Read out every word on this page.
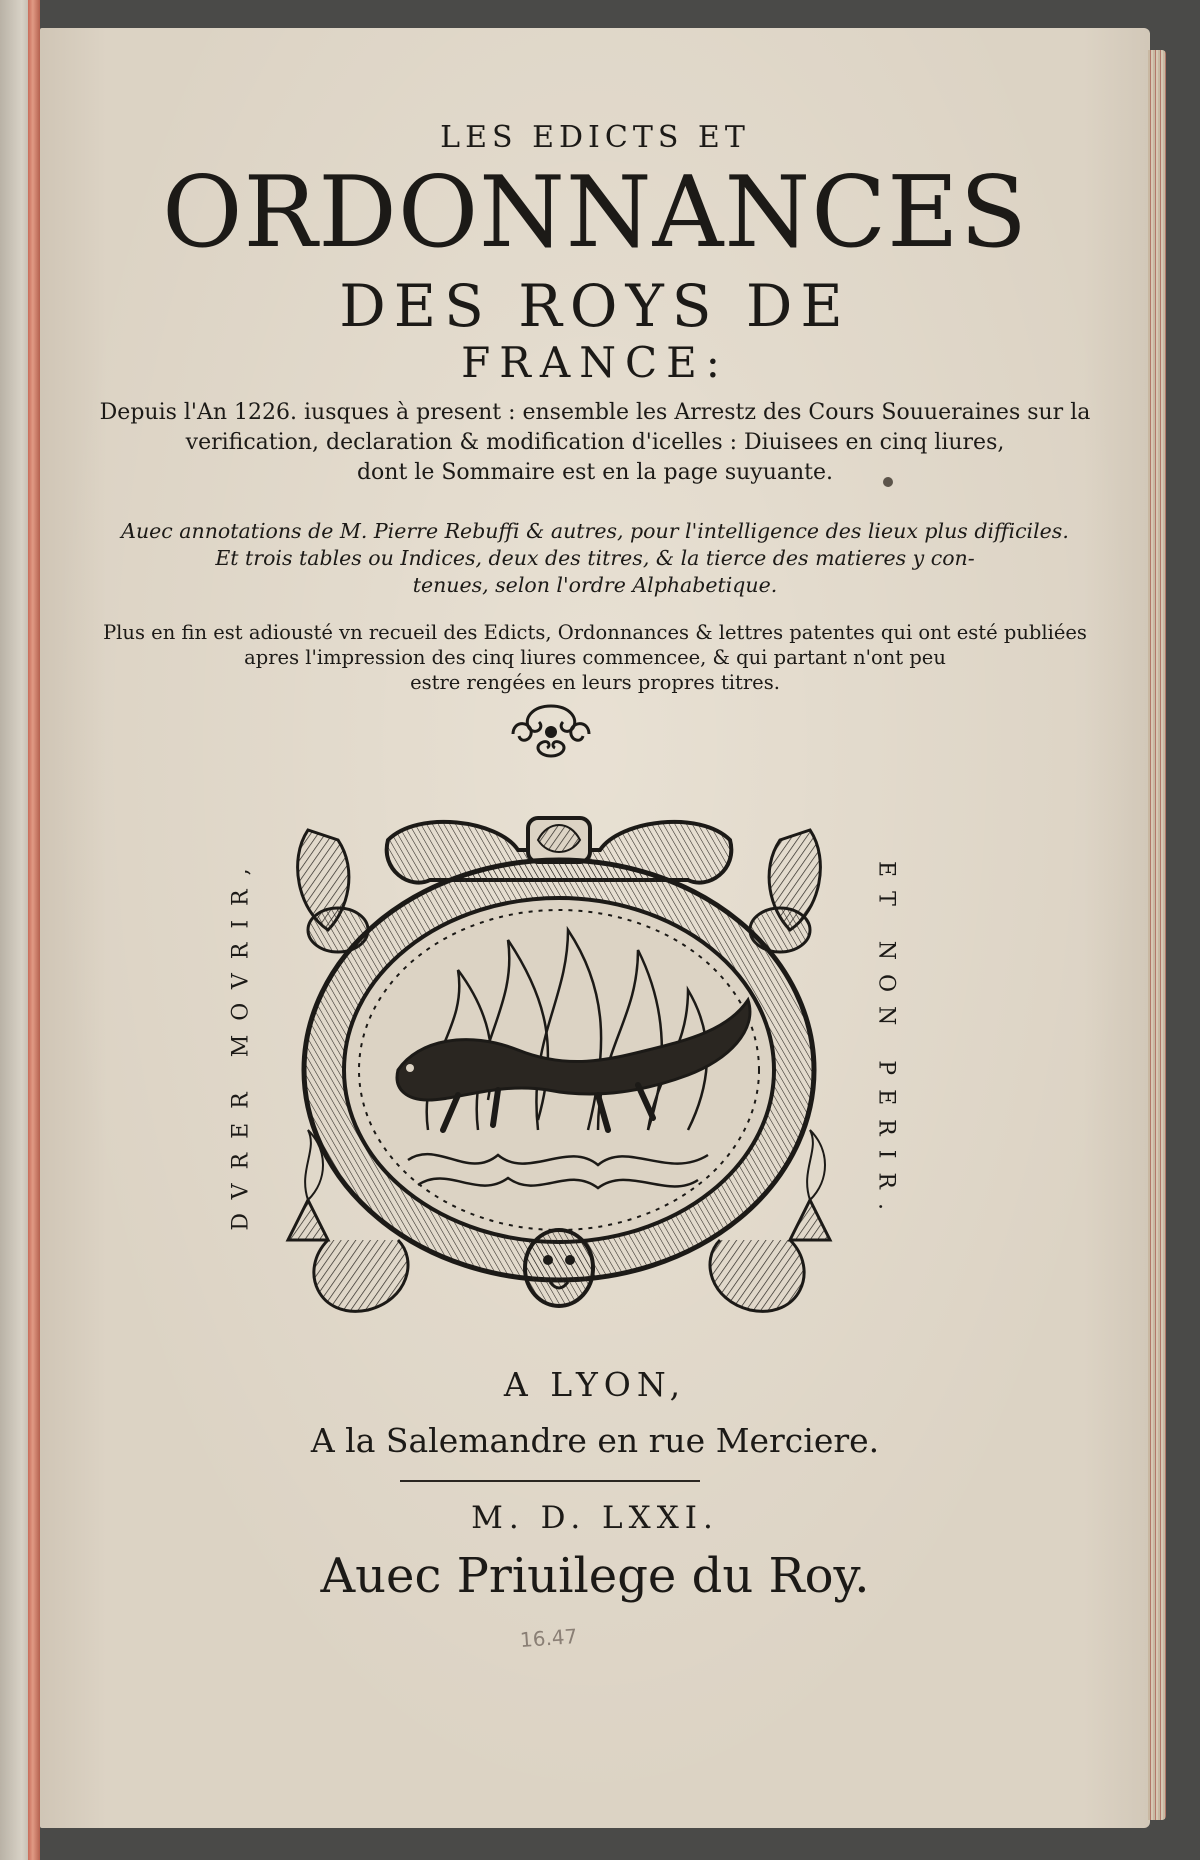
LES EDICTS ET
ORDONNANCES
DES ROYS DE
FRANCE:
Depuis l'An 1226. iusques à present : ensemble les Arrestz des Cours Souueraines sur la
verification, declaration & modification d'icelles : Diuisees en cinq liures,
dont le Sommaire est en la page suyuante.
Auec annotations de M. Pierre Rebuffi & autres, pour l'intelligence des lieux plus difficiles.
Et trois tables ou Indices, deux des titres, & la tierce des matieres y con-
tenues, selon l'ordre Alphabetique.
Plus en fin est adiousté vn recueil des Edicts, Ordonnances & lettres patentes qui ont esté publiées
apres l'impression des cinq liures commencee, & qui partant n'ont peu
estre rengées en leurs propres titres.
DVRER MOVRIR,	ET NON PERIR.
A LYON,
A la Salemandre en rue Merciere.
M. D. LXXI.
Auec Priuilege du Roy.
16.47
